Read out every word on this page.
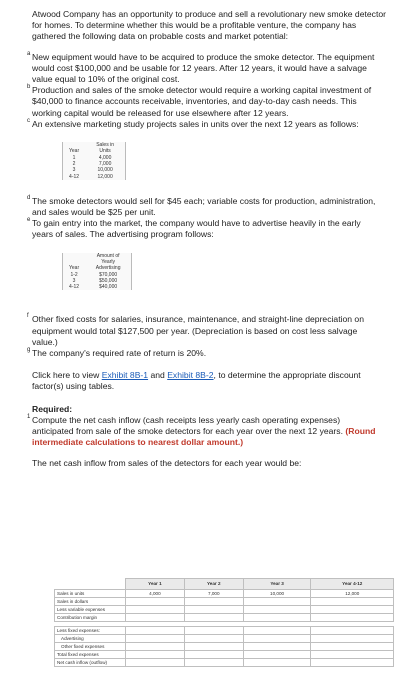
Atwood Company has an opportunity to produce and sell a revolutionary new smoke detector for homes. To determine whether this would be a profitable venture, the company has gathered the following data on probable costs and market potential:

a New equipment would have to be acquired to produce the smoke detector. The equipment would cost $100,000 and be usable for 12 years. After 12 years, it would have a salvage value equal to 10% of the original cost.

b Production and sales of the smoke detector would require a working capital investment of $40,000 to finance accounts receivable, inventories, and day-to-day cash needs. This working capital would be released for use elsewhere after 12 years.

c An extensive marketing study projects sales in units over the next 12 years as follows:

Year	Sales in Units
1	4,000
2	7,000
3	10,000
4-12	12,000

d The smoke detectors would sell for $45 each; variable costs for production, administration, and sales would be $25 per unit.

e To gain entry into the market, the company would have to advertise heavily in the early years of sales. The advertising program follows:

Year	Amount of Yearly Advertising
1-2	$70,000
3	$50,000
4-12	$40,000

f Other fixed costs for salaries, insurance, maintenance, and straight-line depreciation on equipment would total $127,500 per year. (Depreciation is based on cost less salvage value.)

g The company's required rate of return is 20%.

Click here to view Exhibit 8B-1 and Exhibit 8B-2, to determine the appropriate discount factor(s) using tables.

Required:

1 Compute the net cash inflow (cash receipts less yearly cash operating expenses) anticipated from sale of the smoke detectors for each year over the next 12 years. (Round intermediate calculations to nearest dollar amount.)

The net cash inflow from sales of the detectors for each year would be:

	Year 1	Year 2	Year 3	Year 4-12
Sales in units	4,000	7,000	10,000	12,000
Sales in dollars				
Less variable expenses				
Contribution margin				

Less fixed expenses:				
Advertising				
Other fixed expenses				
Total fixed expenses				
Net cash inflow (outflow)				
